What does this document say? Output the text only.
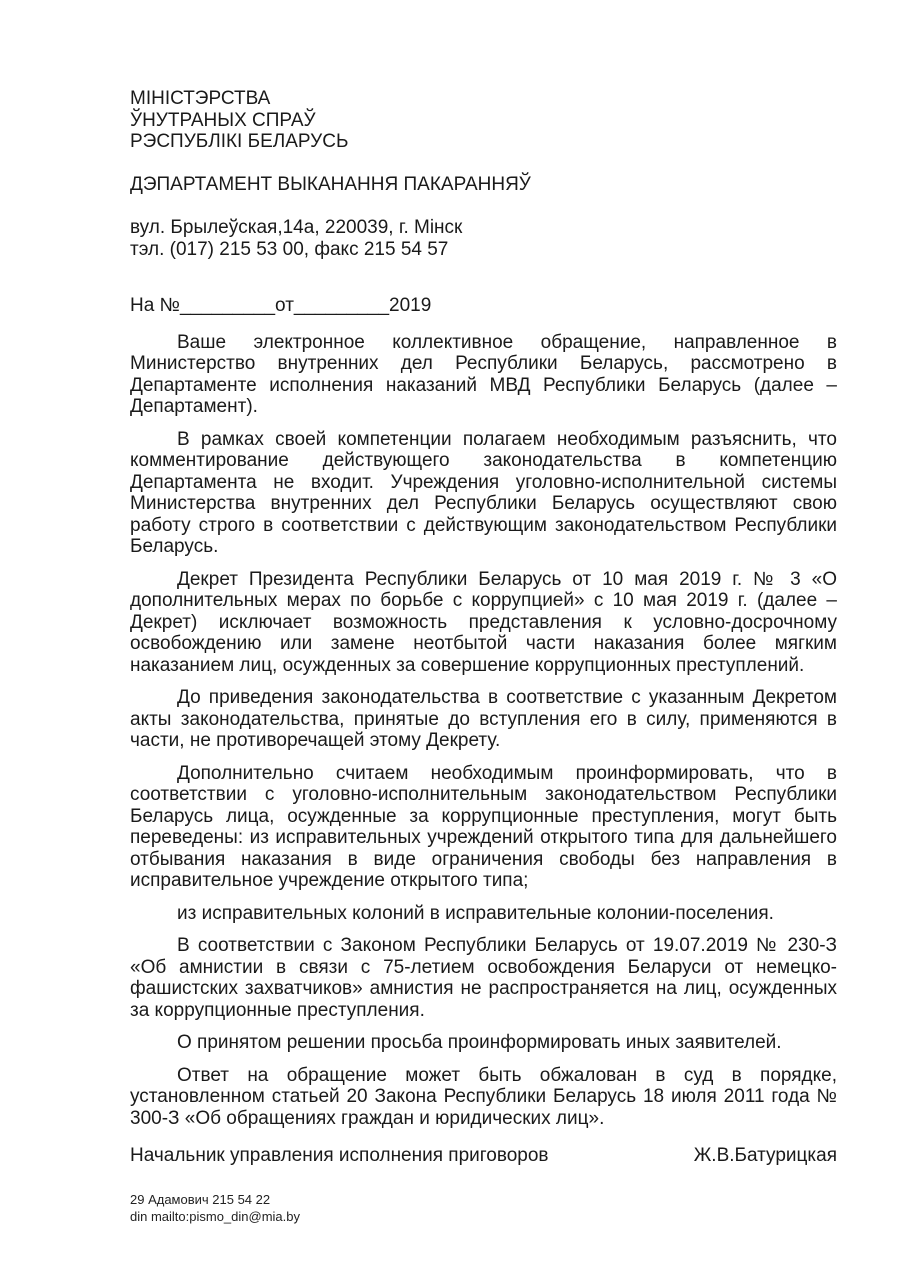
МІНІСТЭРСТВА
ЎНУТРАНЫХ СПРАЎ
РЭСПУБЛІКІ БЕЛАРУСЬ
ДЭПАРТАМЕНТ ВЫКАНАННЯ ПАКАРАННЯЎ
вул. Брылеўская,14а, 220039, г. Мінск
тэл. (017) 215 53 00, факс 215 54 57
На №_________от_________2019

Ваше электронное коллективное обращение, направленное в Министерство внутренних дел Республики Беларусь, рассмотрено в Департаменте исполнения наказаний МВД Республики Беларусь (далее – Департамент).

В рамках своей компетенции полагаем необходимым разъяснить, что комментирование действующего законодательства в компетенцию Департамента не входит. Учреждения уголовно-исполнительной системы Министерства внутренних дел Республики Беларусь осуществляют свою работу строго в соответствии с действующим законодательством Республики Беларусь.

Декрет Президента Республики Беларусь от 10 мая 2019 г. № 3 «О дополнительных мерах по борьбе с коррупцией» с 10 мая 2019 г. (далее – Декрет) исключает возможность представления к условно-досрочному освобождению или замене неотбытой части наказания более мягким наказанием лиц, осужденных за совершение коррупционных преступлений.

До приведения законодательства в соответствие с указанным Декретом акты законодательства, принятые до вступления его в силу, применяются в части, не противоречащей этому Декрету.

Дополнительно считаем необходимым проинформировать, что в соответствии с уголовно-исполнительным законодательством Республики Беларусь лица, осужденные за коррупционные преступления, могут быть переведены: из исправительных учреждений открытого типа для дальнейшего отбывания наказания в виде ограничения свободы без направления в исправительное учреждение открытого типа;

из исправительных колоний в исправительные колонии-поселения.

В соответствии с Законом Республики Беларусь от 19.07.2019 № 230-З «Об амнистии в связи с 75-летием освобождения Беларуси от немецко-фашистских захватчиков» амнистия не распространяется на лиц, осужденных за коррупционные преступления.

О принятом решении просьба проинформировать иных заявителей.

Ответ на обращение может быть обжалован в суд в порядке, установленном статьей 20 Закона Республики Беларусь 18 июля 2011 года № 300-З «Об обращениях граждан и юридических лиц».

Начальник управления исполнения приговоров	Ж.В.Батурицкая
29 Адамович 215 54 22
din mailto:pismo_din@mia.by
